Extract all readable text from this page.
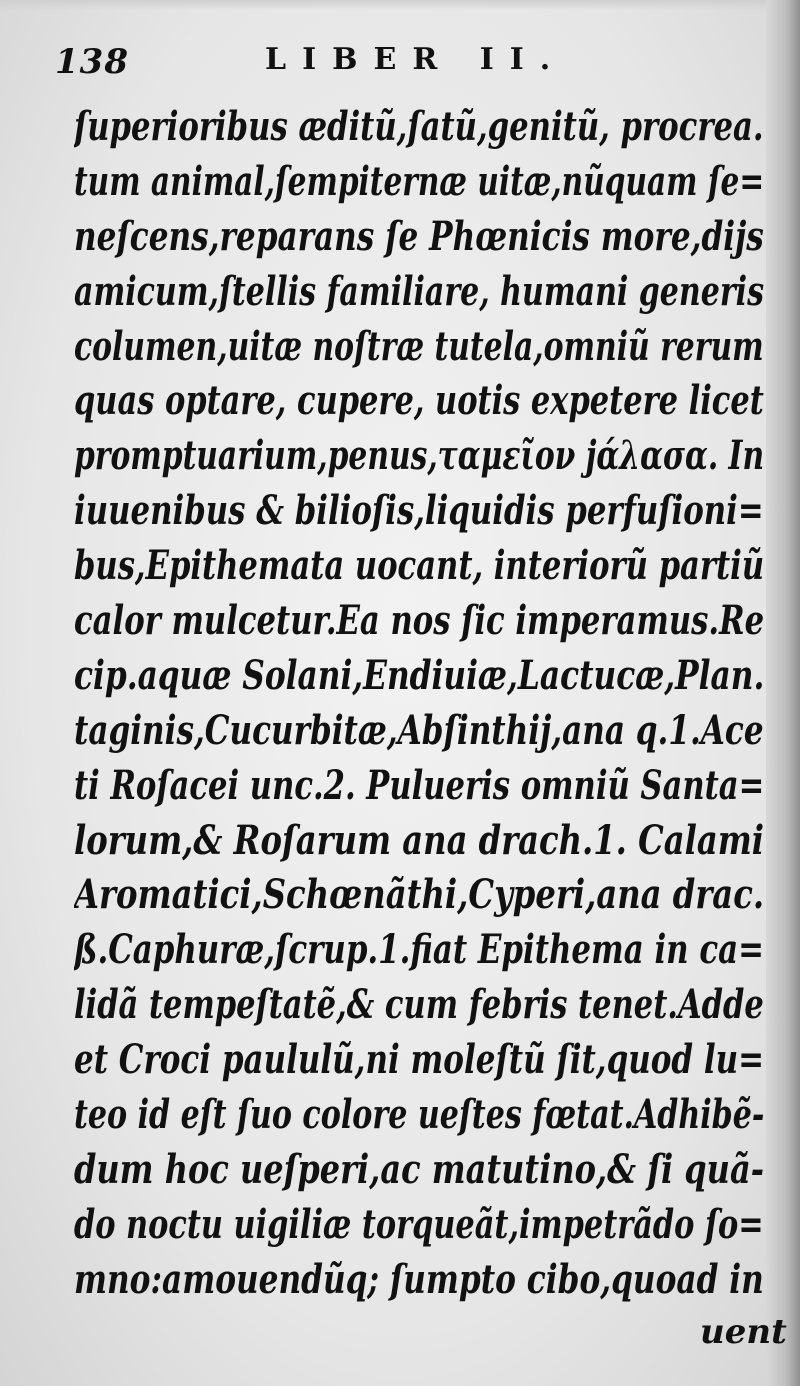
138	LIBER II.
ſuperioribus æditũ,ſatũ,genitũ, procrea.
tum animal,ſempiternæ uitæ,nũquam ſe=
neſcens,reparans ſe Phœnicis more,dijs
amicum,ſtellis familiare, humani generis
columen,uitæ noſtræ tutela,omniũ rerum
quas optare, cupere, uotis expetere licet
promptuarium,penus,ταμεῖον ϳάλασα. In
iuuenibus & bilioſis,liquidis perfuſioni=
bus,Epithemata uocant, interiorũ partiũ
calor mulcetur.Ea nos ſic imperamus.Re
cip.aquæ Solani,Endiuiæ,Lactucæ,Plan.
taginis,Cucurbitæ,Abſinthij,ana q.1.Ace
ti Roſacei unc.2. Pulueris omniũ Santa=
lorum,& Roſarum ana drach.1. Calami
Aromatici,Schœnãthi,Cyperi,ana drac.
ß.Caphuræ,ſcrup.1.fiat Epithema in ca=
lidã tempeſtatẽ,& cum febris tenet.Adde
et Croci paululũ,ni moleſtũ ſit,quod lu=
teo id eſt ſuo colore ueſtes fœtat.Adhibẽ-
dum hoc ueſperi,ac matutino,& ſi quã-
do noctu uigiliæ torqueãt,impetrãdo ſo=
mno:amouendũq; ſumpto cibo,quoad in
uent
